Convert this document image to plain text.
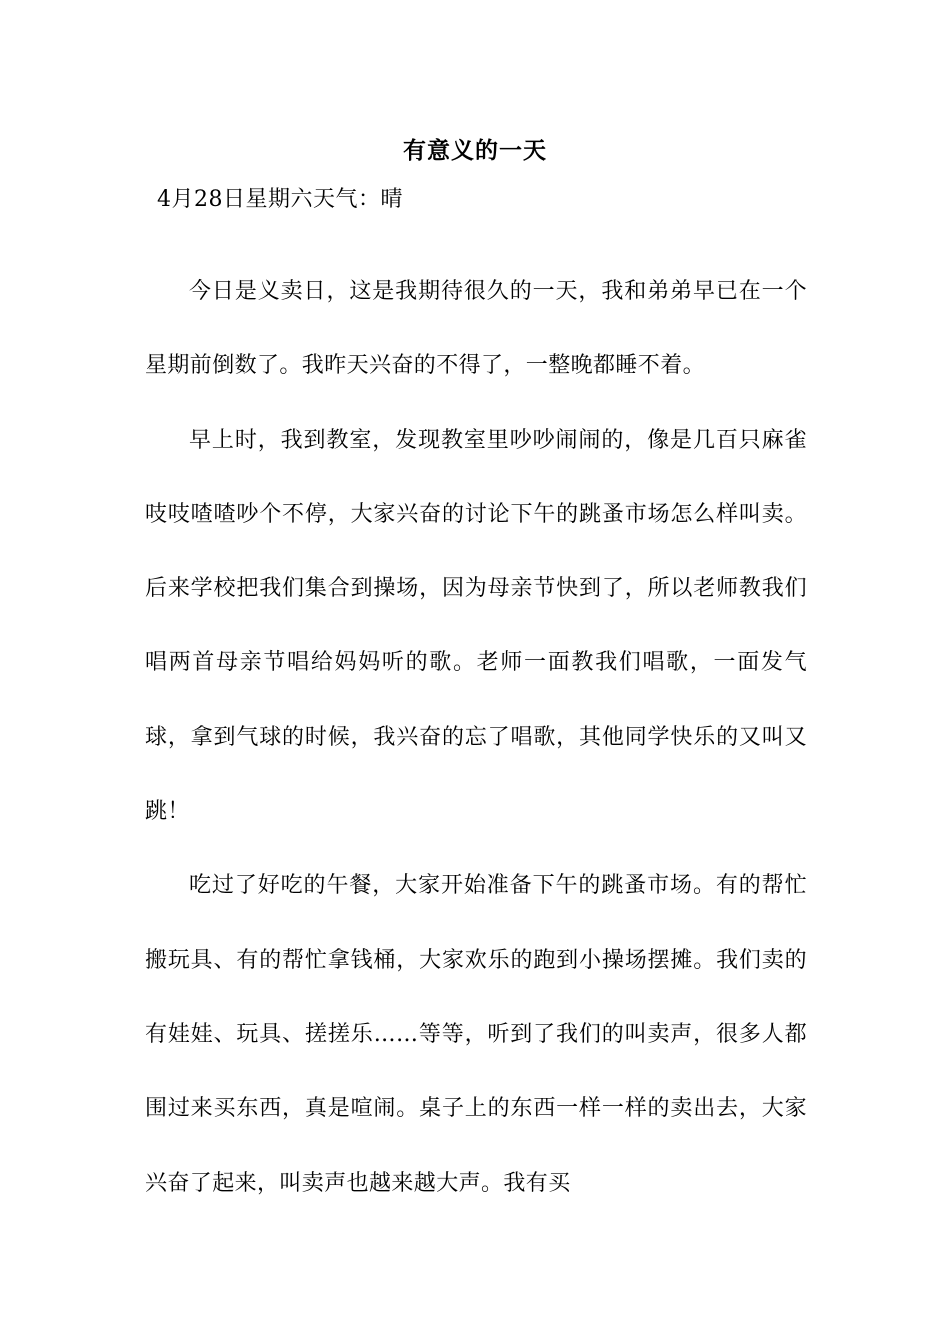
有意义的一天
4月28日星期六天气：晴

今日是义卖日，这是我期待很久的一天，我和弟弟早已在一个星期前倒数了。我昨天兴奋的不得了，一整晚都睡不着。

早上时，我到教室，发现教室里吵吵闹闹的，像是几百只麻雀吱吱喳喳吵个不停，大家兴奋的讨论下午的跳蚤市场怎么样叫卖。后来学校把我们集合到操场，因为母亲节快到了，所以老师教我们唱两首母亲节唱给妈妈听的歌。老师一面教我们唱歌，一面发气球，拿到气球的时候，我兴奋的忘了唱歌，其他同学快乐的又叫又跳！

吃过了好吃的午餐，大家开始准备下午的跳蚤市场。有的帮忙搬玩具、有的帮忙拿钱桶，大家欢乐的跑到小操场摆摊。我们卖的有娃娃、玩具、搓搓乐……等等，听到了我们的叫卖声，很多人都围过来买东西，真是喧闹。桌子上的东西一样一样的卖出去，大家兴奋了起来，叫卖声也越来越大声。我有买
